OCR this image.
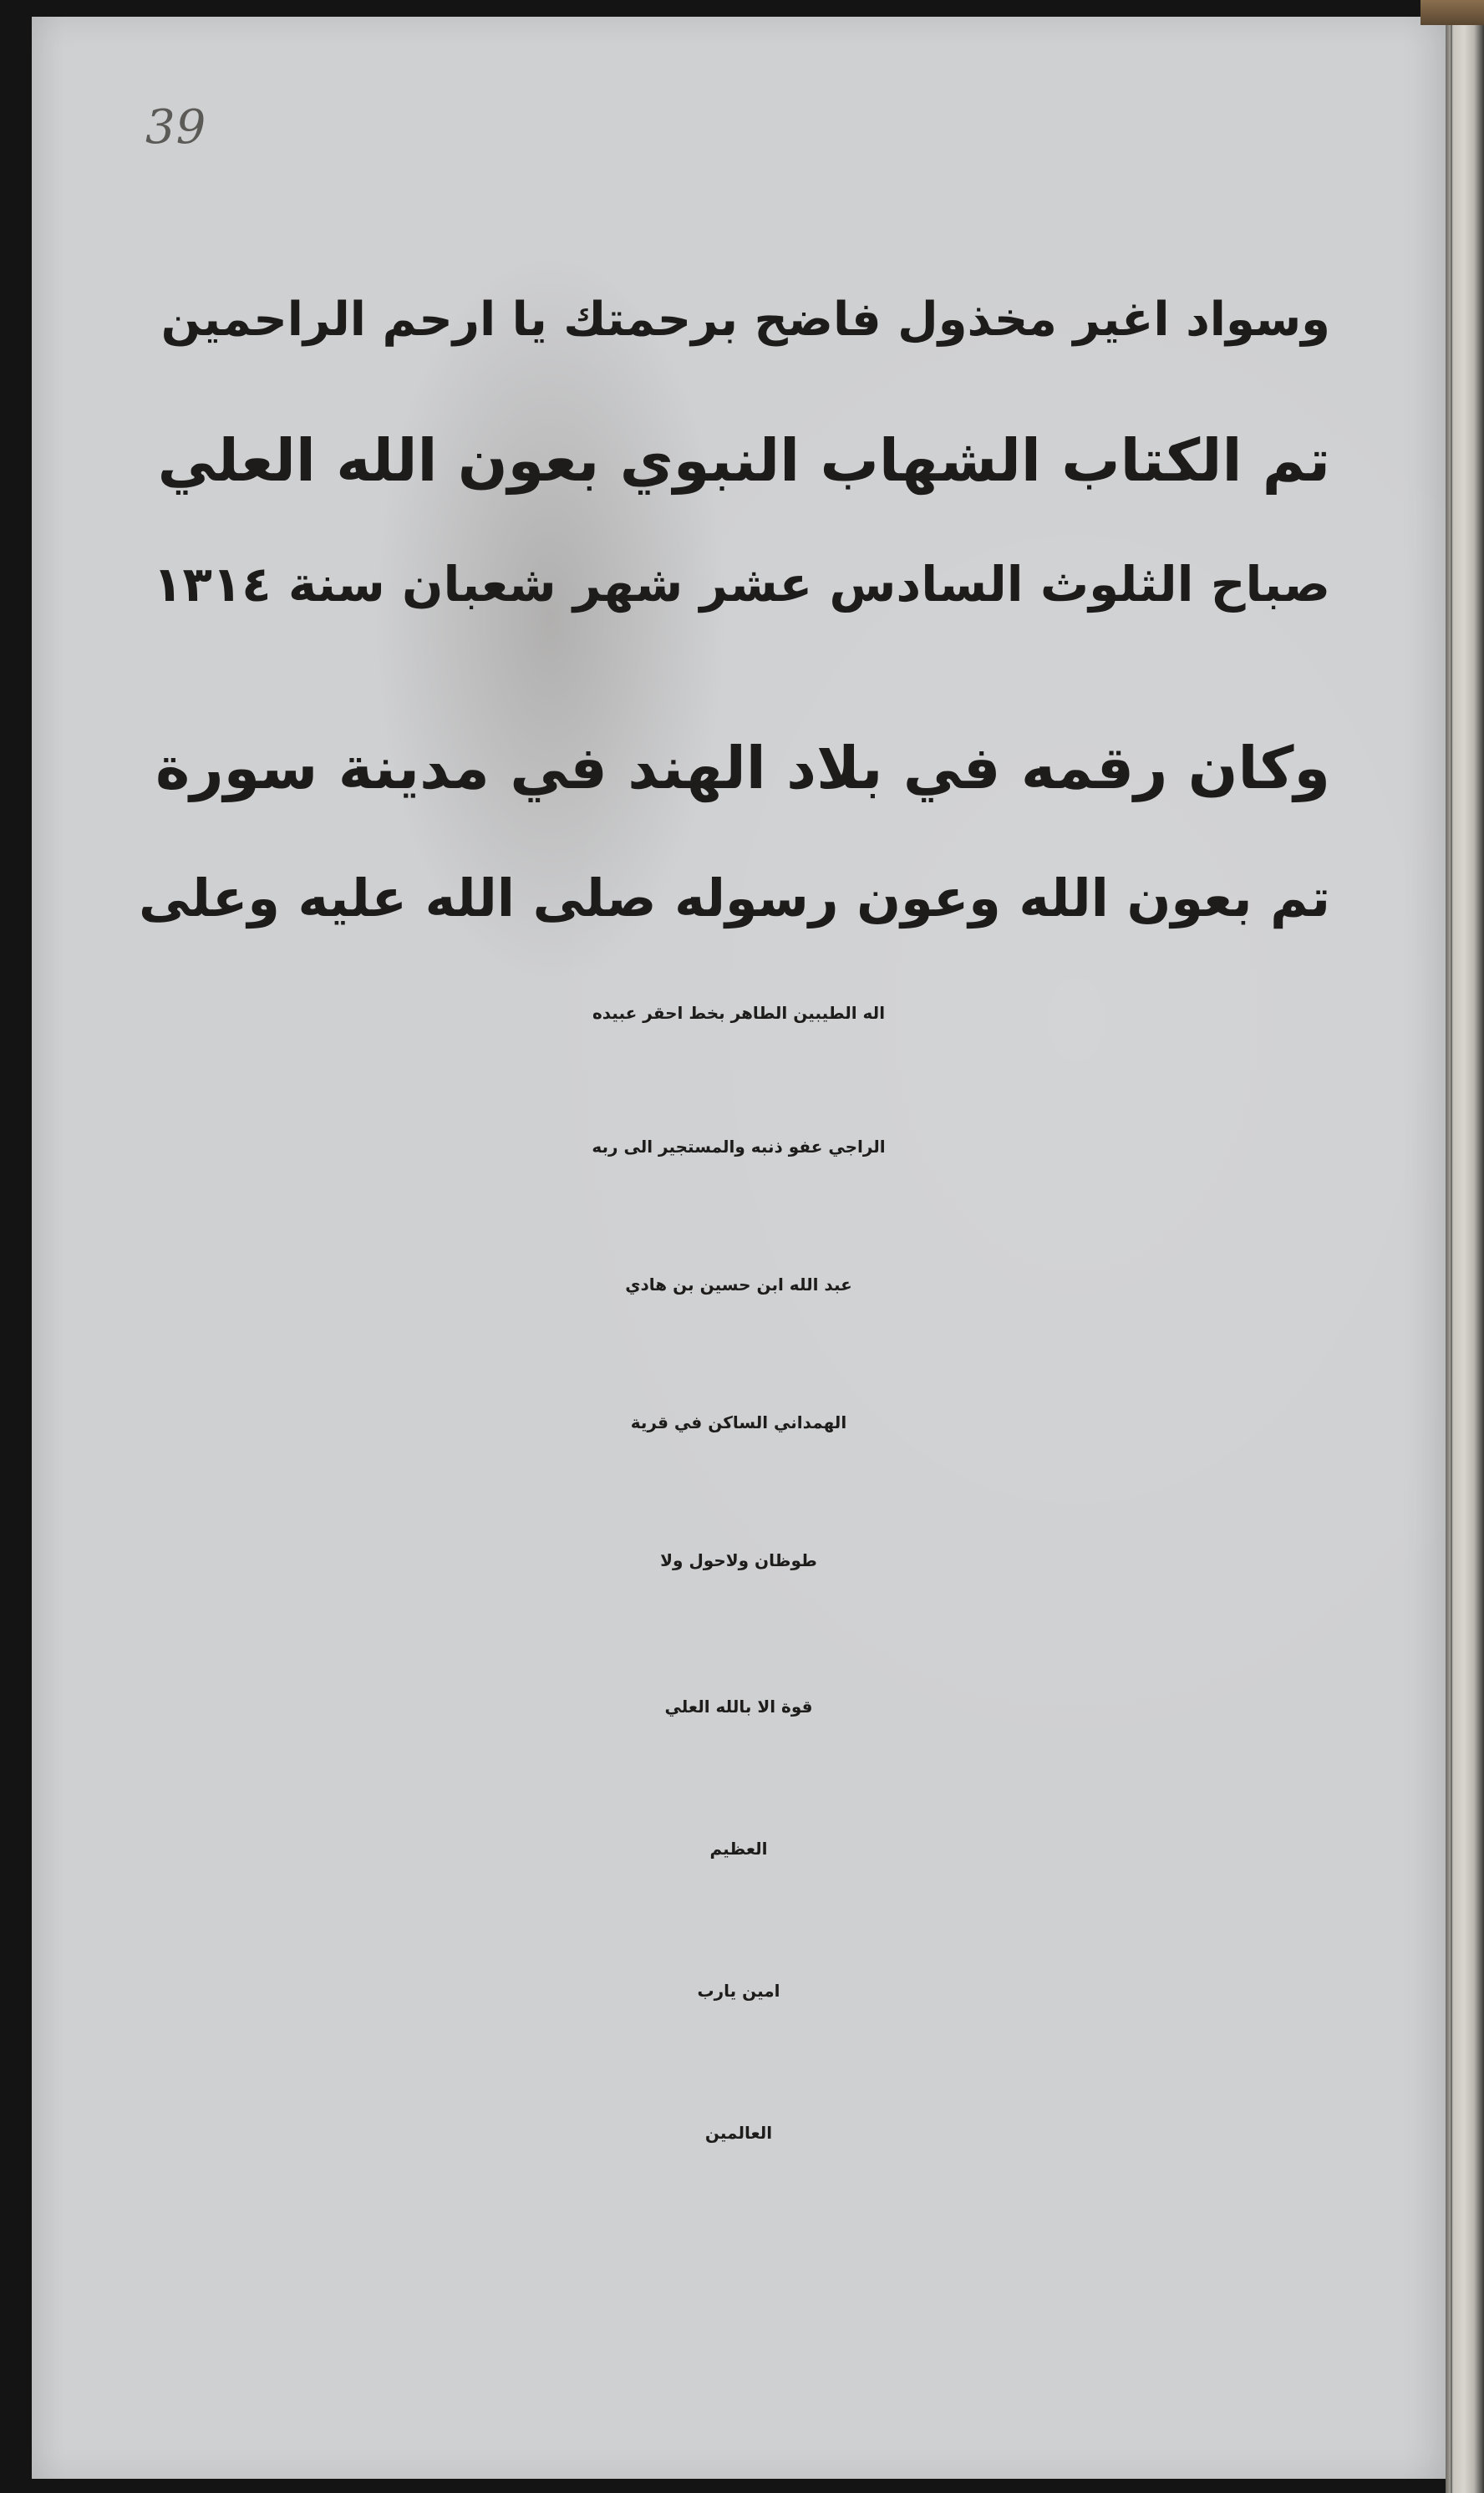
39
وسواد اغير مخذول فاضح برحمتك يا ارحم الراحمين
تم الكتاب الشهاب النبوي بعون الله العلي
صباح الثلوث السادس عشر شهر شعبان سنة ١٣١٤
وكان رقمه في بلاد الهند في مدينة سورة
تم بعون الله وعون رسوله صلى الله عليه وعلى
اله الطيبين الطاهر بخط احقر عبيده
الراجي عفو ذنبه والمستجير الى ربه
عبد الله ابن حسين بن هادي
الهمداني الساكن في قرية
طوظان ولاحول ولا
قوة الا بالله العلي
العظيم
امين يارب
العالمين
